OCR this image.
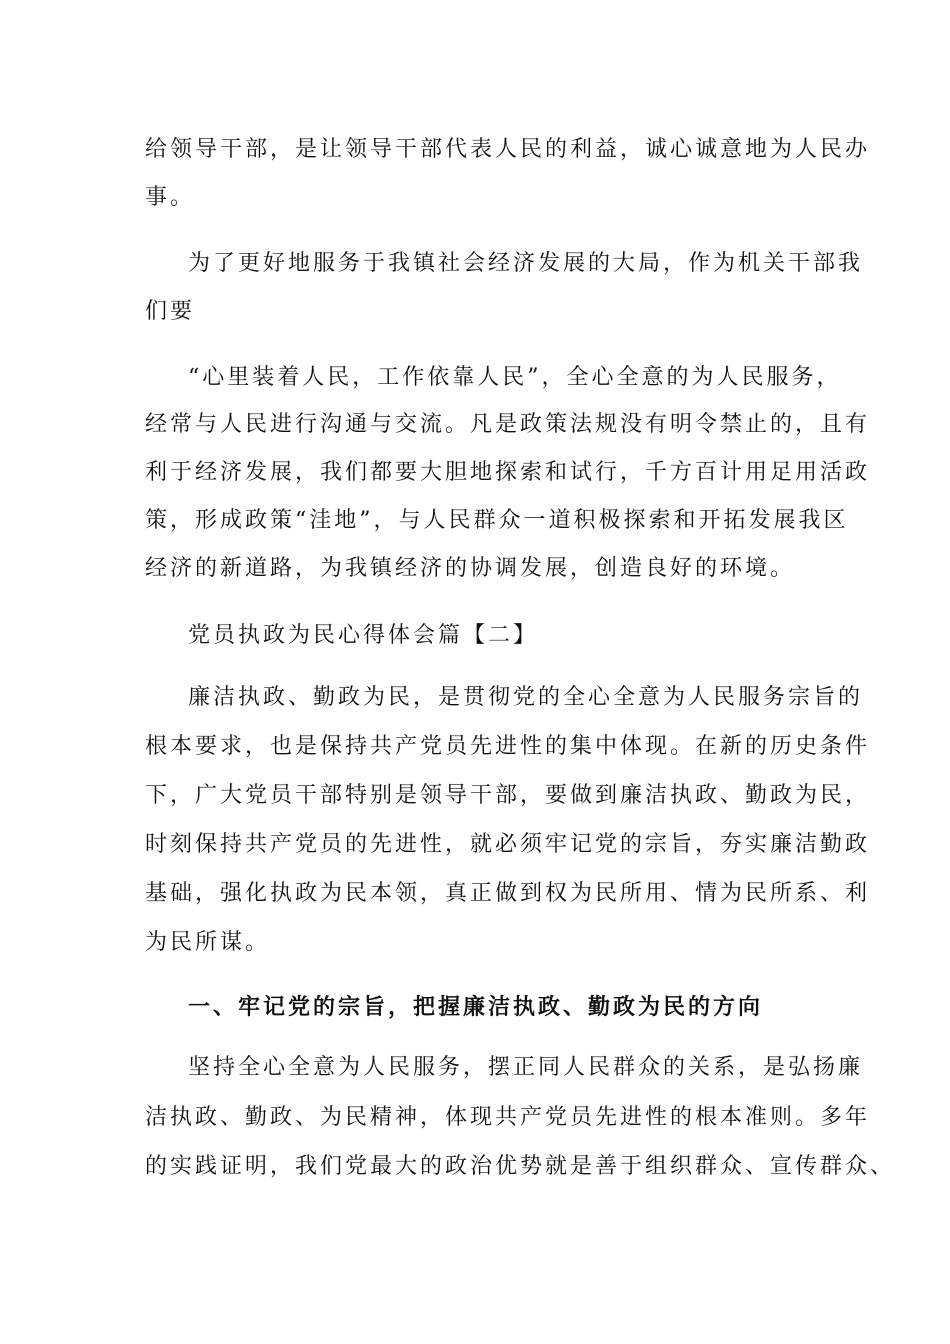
给领导干部，是让领导干部代表人民的利益，诚心诚意地为人民办
事。
为了更好地服务于我镇社会经济发展的大局，作为机关干部我
们要
“心里装着人民，工作依靠人民”，全心全意的为人民服务，
经常与人民进行沟通与交流。凡是政策法规没有明令禁止的，且有
利于经济发展，我们都要大胆地探索和试行，千方百计用足用活政
策，形成政策“洼地”，与人民群众一道积极探索和开拓发展我区
经济的新道路，为我镇经济的协调发展，创造良好的环境。
党员执政为民心得体会篇【二】
廉洁执政、勤政为民，是贯彻党的全心全意为人民服务宗旨的
根本要求，也是保持共产党员先进性的集中体现。在新的历史条件
下，广大党员干部特别是领导干部，要做到廉洁执政、勤政为民，
时刻保持共产党员的先进性，就必须牢记党的宗旨，夯实廉洁勤政
基础，强化执政为民本领，真正做到权为民所用、情为民所系、利
为民所谋。
一、牢记党的宗旨，把握廉洁执政、勤政为民的方向
坚持全心全意为人民服务，摆正同人民群众的关系，是弘扬廉
洁执政、勤政、为民精神，体现共产党员先进性的根本准则。多年
的实践证明，我们党最大的政治优势就是善于组织群众、宣传群众、
